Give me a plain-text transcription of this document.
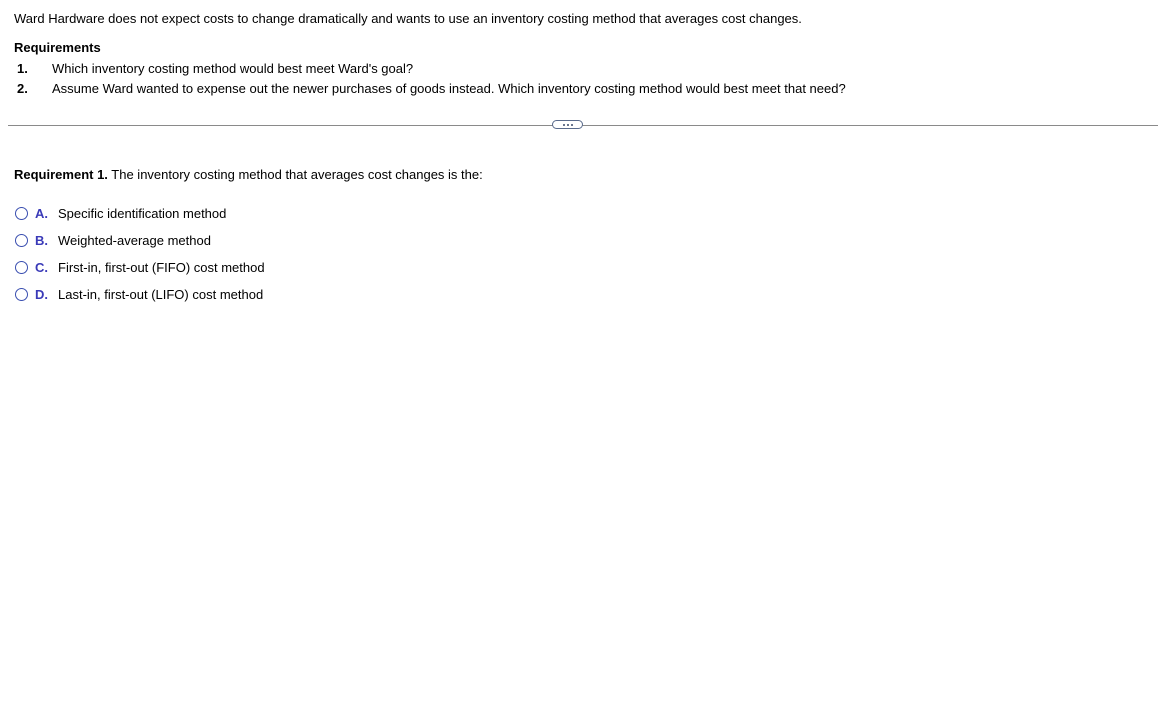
Ward Hardware does not expect costs to change dramatically and wants to use an inventory costing method that averages cost changes.
Requirements
1.	Which inventory costing method would best meet Ward's goal?
2.	Assume Ward wanted to expense out the newer purchases of goods instead. Which inventory costing method would best meet that need?
Requirement 1. The inventory costing method that averages cost changes is the:
A. Specific identification method
B. Weighted-average method
C. First-in, first-out (FIFO) cost method
D. Last-in, first-out (LIFO) cost method
